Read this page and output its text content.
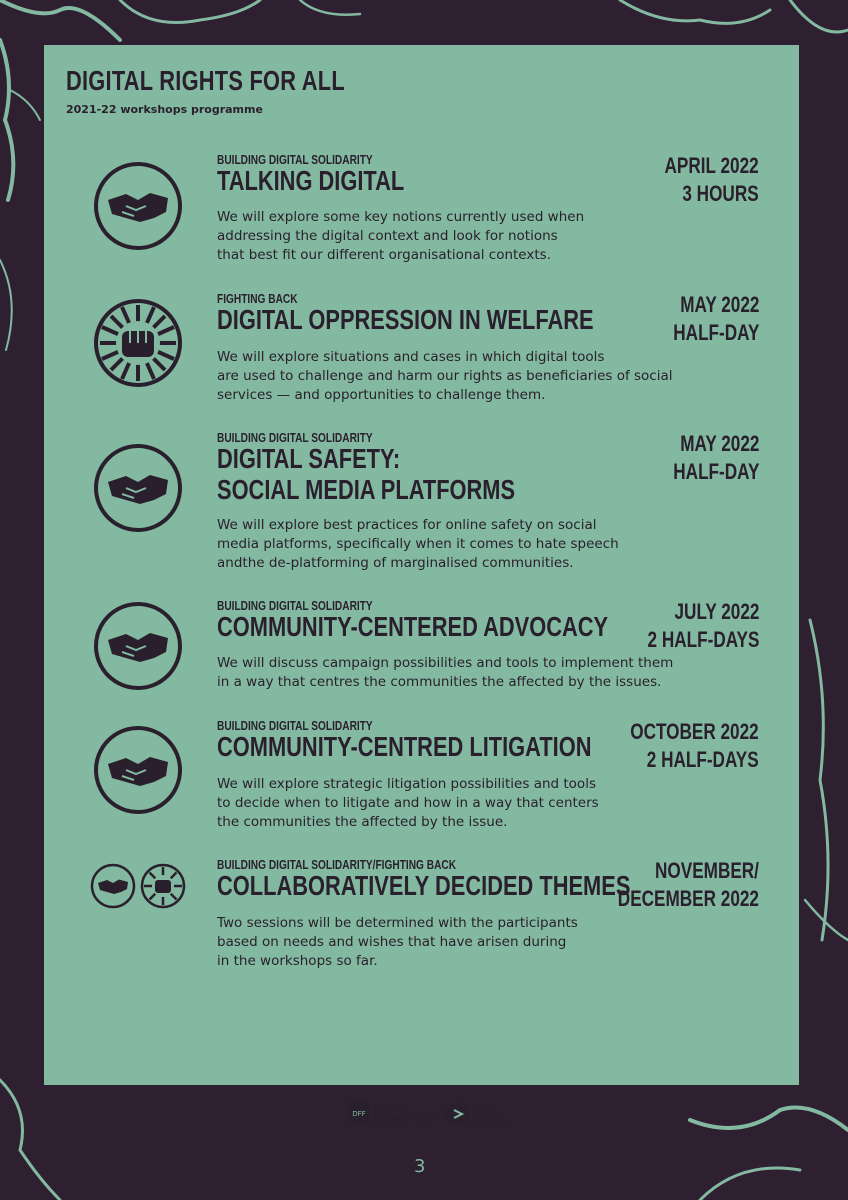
DIGITAL RIGHTS FOR ALL
2021-22 workshops programme
BUILDING DIGITAL SOLIDARITY
TALKING DIGITAL	APRIL 2022
3 HOURS
We will explore some key notions currently used when
addressing the digital context and look for notions
that best fit our different organisational contexts.
FIGHTING BACK
DIGITAL OPPRESSION IN WELFARE	MAY 2022
HALF-DAY
We will explore situations and cases in which digital tools
are used to challenge and harm our rights as beneficiaries of social
services — and opportunities to challenge them.
BUILDING DIGITAL SOLIDARITY
DIGITAL SAFETY:
SOCIAL MEDIA PLATFORMS
MAY 2022
HALF-DAY
We will explore best practices for online safety on social
media platforms, specifically when it comes to hate speech
andthe de-platforming of marginalised communities.
BUILDING DIGITAL SOLIDARITY
COMMUNITY-CENTERED ADVOCACY	JULY 2022
2 HALF-DAYS
We will discuss campaign possibilities and tools to implement them
in a way that centres the communities the affected by the issues.
BUILDING DIGITAL SOLIDARITY
COMMUNITY-CENTRED LITIGATION OCTOBER 2022
2 HALF-DAYS
We will explore strategic litigation possibilities and tools
to decide when to litigate and how in a way that centers
the communities the affected by the issue.
BUILDING DIGITAL SOLIDARITY/FIGHTING BACK
COLLABORATIVELY DECIDED THEMES	NOVEMBER/
DECEMBER 2022
Two sessions will be determined with the participants
based on needs and wishes that have arisen during
in the workshops so far.
DFF Digital
Freedom Fund	EDRi
EUROPEAN DIGITAL RIGHTS
3
